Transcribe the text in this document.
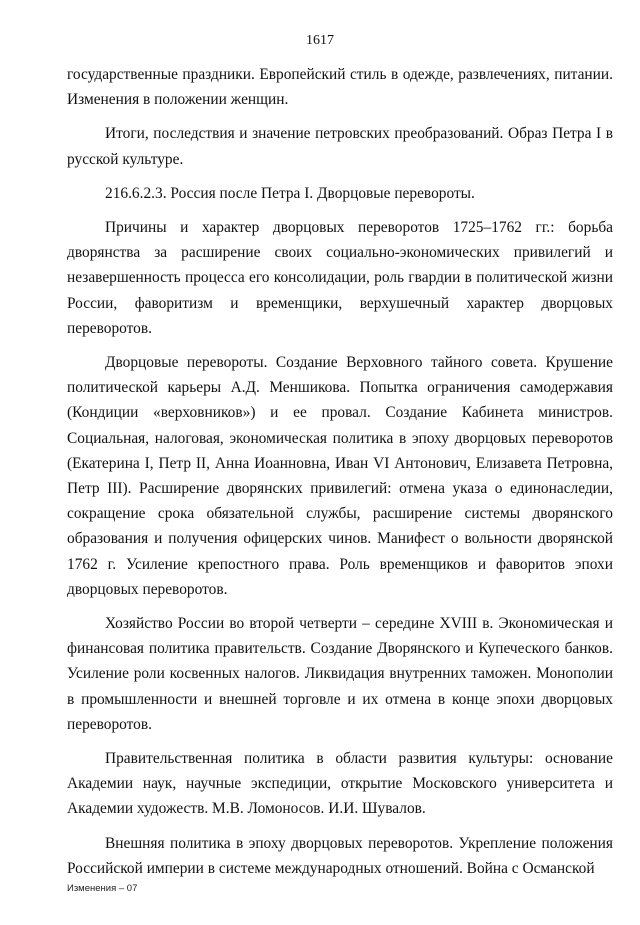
1617

государственные праздники. Европейский стиль в одежде, развлечениях, питании. Изменения в положении женщин.

Итоги, последствия и значение петровских преобразований. Образ Петра I в русской культуре.

216.6.2.3. Россия после Петра I. Дворцовые перевороты.

Причины и характер дворцовых переворотов 1725–1762 гг.: борьба дворянства за расширение своих социально-экономических привилегий и незавершенность процесса его консолидации, роль гвардии в политической жизни России, фаворитизм и временщики, верхушечный характер дворцовых переворотов.

Дворцовые перевороты. Создание Верховного тайного совета. Крушение политической карьеры А.Д. Меншикова. Попытка ограничения самодержавия (Кондиции «верховников») и ее провал. Создание Кабинета министров. Социальная, налоговая, экономическая политика в эпоху дворцовых переворотов (Екатерина I, Петр II, Анна Иоанновна, Иван VI Антонович, Елизавета Петровна, Петр III). Расширение дворянских привилегий: отмена указа о единонаследии, сокращение срока обязательной службы, расширение системы дворянского образования и получения офицерских чинов. Манифест о вольности дворянской 1762 г. Усиление крепостного права. Роль временщиков и фаворитов эпохи дворцовых переворотов.

Хозяйство России во второй четверти – середине XVIII в. Экономическая и финансовая политика правительств. Создание Дворянского и Купеческого банков. Усиление роли косвенных налогов. Ликвидация внутренних таможен. Монополии в промышленности и внешней торговле и их отмена в конце эпохи дворцовых переворотов.

Правительственная политика в области развития культуры: основание Академии наук, научные экспедиции, открытие Московского университета и Академии художеств. М.В. Ломоносов. И.И. Шувалов.

Внешняя политика в эпоху дворцовых переворотов. Укрепление положения Российской империи в системе международных отношений. Война с Османской

Изменения – 07
